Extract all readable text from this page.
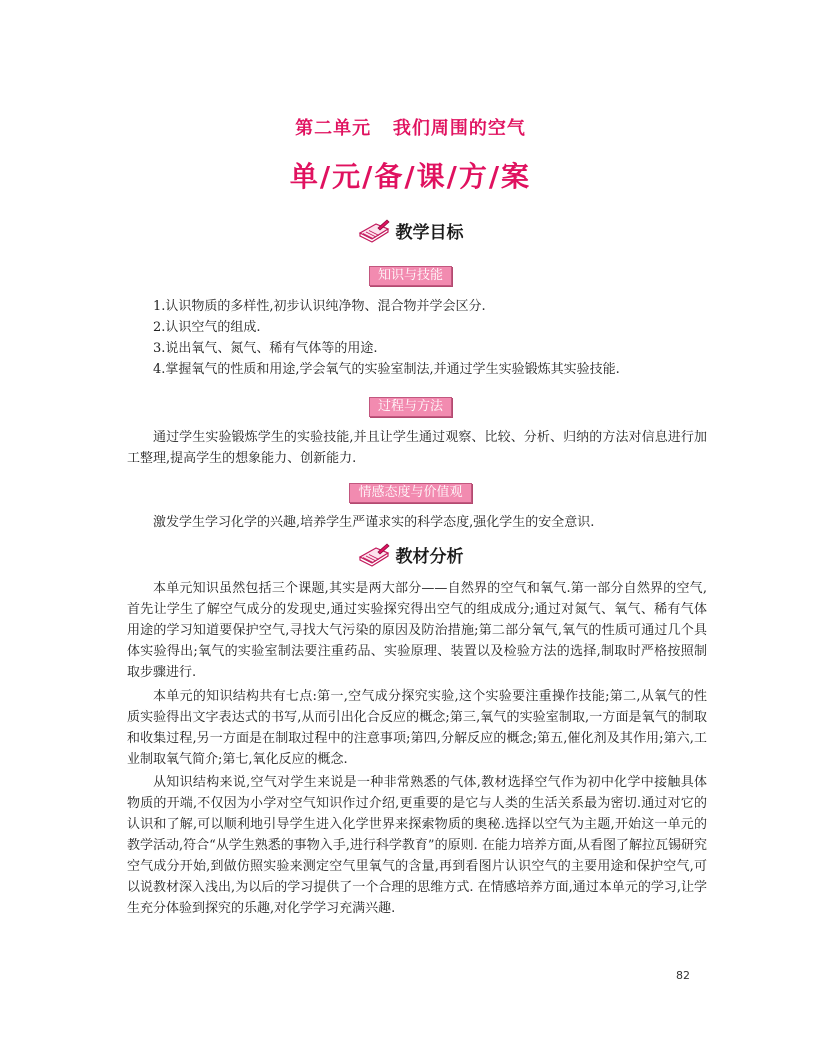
第二单元   我们周围的空气
单/元/备/课/方/案
教学目标
知识与技能
1.认识物质的多样性,初步认识纯净物、混合物并学会区分.
2.认识空气的组成.
3.说出氧气、氮气、稀有气体等的用途.
4.掌握氧气的性质和用途,学会氧气的实验室制法,并通过学生实验锻炼其实验技能.
过程与方法
通过学生实验锻炼学生的实验技能,并且让学生通过观察、比较、分析、归纳的方法对信息进行加工整理,提高学生的想象能力、创新能力.
情感态度与价值观
激发学生学习化学的兴趣,培养学生严谨求实的科学态度,强化学生的安全意识.
教材分析
本单元知识虽然包括三个课题,其实是两大部分——自然界的空气和氧气.第一部分自然界的空气,首先让学生了解空气成分的发现史,通过实验探究得出空气的组成成分;通过对氮气、氧气、稀有气体用途的学习知道要保护空气,寻找大气污染的原因及防治措施;第二部分氧气,氧气的性质可通过几个具体实验得出;氧气的实验室制法要注重药品、实验原理、装置以及检验方法的选择,制取时严格按照制取步骤进行.
本单元的知识结构共有七点:第一,空气成分探究实验,这个实验要注重操作技能;第二,从氧气的性质实验得出文字表达式的书写,从而引出化合反应的概念;第三,氧气的实验室制取,一方面是氧气的制取和收集过程,另一方面是在制取过程中的注意事项;第四,分解反应的概念;第五,催化剂及其作用;第六,工业制取氧气简介;第七,氧化反应的概念.
从知识结构来说,空气对学生来说是一种非常熟悉的气体,教材选择空气作为初中化学中接触具体物质的开端,不仅因为小学对空气知识作过介绍,更重要的是它与人类的生活关系最为密切.通过对它的认识和了解,可以顺利地引导学生进入化学世界来探索物质的奥秘.选择以空气为主题,开始这一单元的教学活动,符合“从学生熟悉的事物入手,进行科学教育”的原则. 在能力培养方面,从看图了解拉瓦锡研究空气成分开始,到做仿照实验来测定空气里氧气的含量,再到看图片认识空气的主要用途和保护空气,可以说教材深入浅出,为以后的学习提供了一个合理的思维方式. 在情感培养方面,通过本单元的学习,让学生充分体验到探究的乐趣,对化学学习充满兴趣.
82
